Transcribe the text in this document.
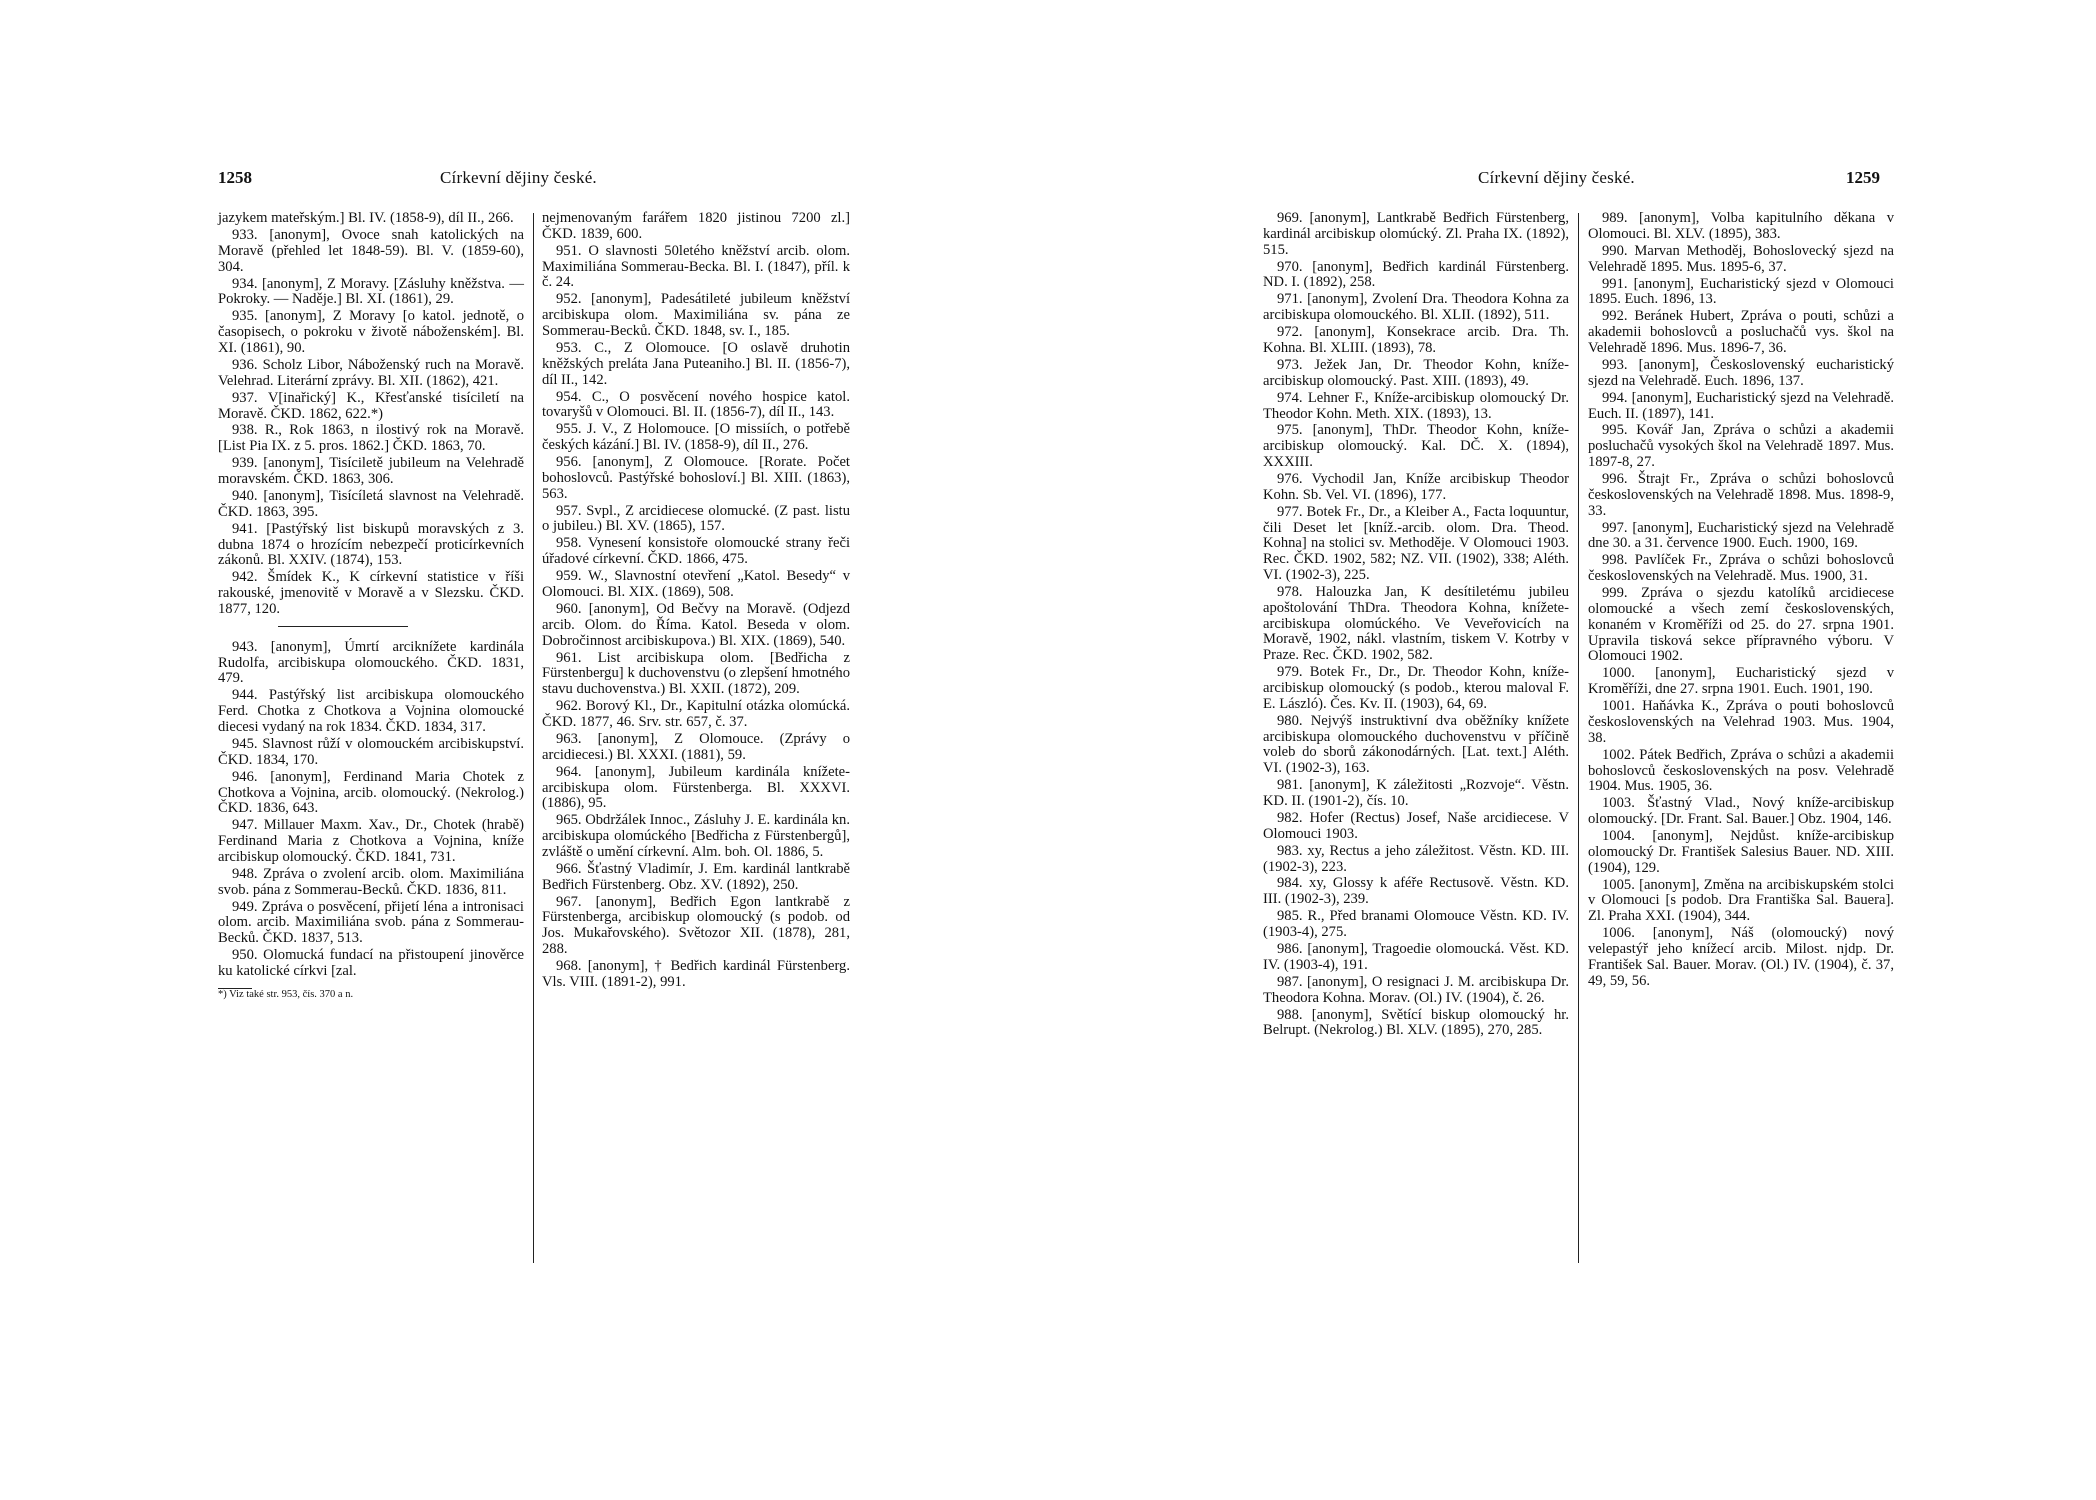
1258	Církevní dějiny české.

jazykem mateřským.] Bl. IV. (1858-9), díl II., 266.

933. [anonym], Ovoce snah katolických na Moravě (přehled let 1848-59). Bl. V. (1859-60), 304.

934. [anonym], Z Moravy. [Zásluhy kněžstva. — Pokroky. — Naděje.] Bl. XI. (1861), 29.

935. [anonym], Z Moravy [o katol. jednotě, o časopisech, o pokroku v životě náboženském]. Bl. XI. (1861), 90.

936. Scholz Libor, Náboženský ruch na Moravě. Velehrad. Literární zprávy. Bl. XII. (1862), 421.

937. V[inařický] K., Křesťanské tisíciletí na Moravě. ČKD. 1862, 622.*)

938. R., Rok 1863, n ilostivý rok na Moravě. [List Pia IX. z 5. pros. 1862.] ČKD. 1863, 70.

939. [anonym], Tisíciletě jubileum na Velehradě moravském. ČKD. 1863, 306.

940. [anonym], Tisícíletá slavnost na Velehradě. ČKD. 1863, 395.

941. [Pastýřský list biskupů moravských z 3. dubna 1874 o hrozícím nebezpečí proticírkevních zákonů. Bl. XXIV. (1874), 153.

942. Šmídek K., K církevní statistice v říši rakouské, jmenovitě v Moravě a v Slezsku. ČKD. 1877, 120.

943. [anonym], Úmrtí arciknížete kardinála Rudolfa, arcibiskupa olomouckého. ČKD. 1831, 479.

944. Pastýřský list arcibiskupa olomouckého Ferd. Chotka z Chotkova a Vojnina olomoucké diecesi vydaný na rok 1834. ČKD. 1834, 317.

945. Slavnost růží v olomouckém arcibiskupství. ČKD. 1834, 170.

946. [anonym], Ferdinand Maria Chotek z Chotkova a Vojnina, arcib. olomoucký. (Nekrolog.) ČKD. 1836, 643.

947. Millauer Maxm. Xav., Dr., Chotek (hrabě) Ferdinand Maria z Chotkova a Vojnina, kníže arcibiskup olomoucký. ČKD. 1841, 731.

948. Zpráva o zvolení arcib. olom. Maximiliána svob. pána z Sommerau-Becků. ČKD. 1836, 811.

949. Zpráva o posvěcení, přijetí léna a intronisaci olom. arcib. Maximiliána svob. pána z Sommerau-Becků. ČKD. 1837, 513.

950. Olomucká fundací na přistoupení jinověrce ku katolické církvi [zal.

*) Viz také str. 953, čís. 370 a n.

nejmenovaným farářem 1820 jistinou 7200 zl.] ČKD. 1839, 600.

951. O slavnosti 50letého kněžství arcib. olom. Maximiliána Sommerau-Becka. Bl. I. (1847), příl. k č. 24.

952. [anonym], Padesátileté jubileum kněžství arcibiskupa olom. Maximiliána sv. pána ze Sommerau-Becků. ČKD. 1848, sv. I., 185.

953. C., Z Olomouce. [O oslavě druhotin kněžských preláta Jana Puteaniho.] Bl. II. (1856-7), díl II., 142.

954. C., O posvěcení nového hospice katol. tovaryšů v Olomouci. Bl. II. (1856-7), díl II., 143.

955. J. V., Z Holomouce. [O missiích, o potřebě českých kázání.] Bl. IV. (1858-9), díl II., 276.

956. [anonym], Z Olomouce. [Rorate. Počet bohoslovců. Pastýřské bohosloví.] Bl. XIII. (1863), 563.

957. Svpl., Z arcidiecese olomucké. (Z past. listu o jubileu.) Bl. XV. (1865), 157.

958. Vynesení konsistoře olomoucké strany řeči úřadové církevní. ČKD. 1866, 475.

959. W., Slavnostní otevření „Katol. Besedy“ v Olomouci. Bl. XIX. (1869), 508.

960. [anonym], Od Bečvy na Moravě. (Odjezd arcib. Olom. do Říma. Katol. Beseda v olom. Dobročinnost arcibiskupova.) Bl. XIX. (1869), 540.

961. List arcibiskupa olom. [Bedřicha z Fürstenbergu] k duchovenstvu (o zlepšení hmotného stavu duchovenstva.) Bl. XXII. (1872), 209.

962. Borový Kl., Dr., Kapitulní otázka olomúcká. ČKD. 1877, 46. Srv. str. 657, č. 37.

963. [anonym], Z Olomouce. (Zprávy o arcidiecesi.) Bl. XXXI. (1881), 59.

964. [anonym], Jubileum kardinála knížete-arcibiskupa olom. Fürstenberga. Bl. XXXVI. (1886), 95.

965. Obdržálek Innoc., Zásluhy J. E. kardinála kn. arcibiskupa olomúckého [Bedřicha z Fürstenbergů], zvláště o umění církevní. Alm. boh. Ol. 1886, 5.

966. Šťastný Vladimír, J. Em. kardinál lantkrabě Bedřich Fürstenberg. Obz. XV. (1892), 250.

967. [anonym], Bedřich Egon lantkrabě z Fürstenberga, arcibiskup olomoucký (s podob. od Jos. Mukařovského). Světozor XII. (1878), 281, 288.

968. [anonym], † Bedřich kardinál Fürstenberg. Vls. VIII. (1891-2), 991.

Církevní dějiny české.	1259

969. [anonym], Lantkrabě Bedřich Fürstenberg, kardinál arcibiskup olomúcký. Zl. Praha IX. (1892), 515.

970. [anonym], Bedřich kardinál Fürstenberg. ND. I. (1892), 258.

971. [anonym], Zvolení Dra. Theodora Kohna za arcibiskupa olomouckého. Bl. XLII. (1892), 511.

972. [anonym], Konsekrace arcib. Dra. Th. Kohna. Bl. XLIII. (1893), 78.

973. Ježek Jan, Dr. Theodor Kohn, kníže-arcibiskup olomoucký. Past. XIII. (1893), 49.

974. Lehner F., Kníže-arcibiskup olomoucký Dr. Theodor Kohn. Meth. XIX. (1893), 13.

975. [anonym], ThDr. Theodor Kohn, kníže-arcibiskup olomoucký. Kal. DČ. X. (1894), XXXIII.

976. Vychodil Jan, Kníže arcibiskup Theodor Kohn. Sb. Vel. VI. (1896), 177.

977. Botek Fr., Dr., a Kleiber A., Facta loquuntur, čili Deset let [kníž.-arcib. olom. Dra. Theod. Kohna] na stolici sv. Methoděje. V Olomouci 1903. Rec. ČKD. 1902, 582; NZ. VII. (1902), 338; Aléth. VI. (1902-3), 225.

978. Halouzka Jan, K desítiletému jubileu apoštolování ThDra. Theodora Kohna, knížete-arcibiskupa olomúckého. Ve Veveřovicích na Moravě, 1902, nákl. vlastním, tiskem V. Kotrby v Praze. Rec. ČKD. 1902, 582.

979. Botek Fr., Dr., Dr. Theodor Kohn, kníže-arcibiskup olomoucký (s podob., kterou maloval F. E. László). Čes. Kv. II. (1903), 64, 69.

980. Nejvýš instruktivní dva oběžníky knížete arcibiskupa olomouckého duchovenstvu v příčině voleb do sborů zákonodárných. [Lat. text.] Aléth. VI. (1902-3), 163.

981. [anonym], K záležitosti „Rozvoje“. Věstn. KD. II. (1901-2), čís. 10.

982. Hofer (Rectus) Josef, Naše arcidiecese. V Olomouci 1903.

983. xy, Rectus a jeho záležitost. Věstn. KD. III. (1902-3), 223.

984. xy, Glossy k aféře Rectusově. Věstn. KD. III. (1902-3), 239.

985. R., Před branami Olomouce Věstn. KD. IV. (1903-4), 275.

986. [anonym], Tragoedie olomoucká. Věst. KD. IV. (1903-4), 191.

987. [anonym], O resignaci J. M. arcibiskupa Dr. Theodora Kohna. Morav. (Ol.) IV. (1904), č. 26.

988. [anonym], Světící biskup olomoucký hr. Belrupt. (Nekrolog.) Bl. XLV. (1895), 270, 285.

989. [anonym], Volba kapitulního děkana v Olomouci. Bl. XLV. (1895), 383.

990. Marvan Methoděj, Bohoslovecký sjezd na Velehradě 1895. Mus. 1895-6, 37.

991. [anonym], Eucharistický sjezd v Olomouci 1895. Euch. 1896, 13.

992. Beránek Hubert, Zpráva o pouti, schůzi a akademii bohoslovců a posluchačů vys. škol na Velehradě 1896. Mus. 1896-7, 36.

993. [anonym], Československý eucharistický sjezd na Velehradě. Euch. 1896, 137.

994. [anonym], Eucharistický sjezd na Velehradě. Euch. II. (1897), 141.

995. Kovář Jan, Zpráva o schůzi a akademii posluchačů vysokých škol na Velehradě 1897. Mus. 1897-8, 27.

996. Štrajt Fr., Zpráva o schůzi bohoslovců československých na Velehradě 1898. Mus. 1898-9, 33.

997. [anonym], Eucharistický sjezd na Velehradě dne 30. a 31. července 1900. Euch. 1900, 169.

998. Pavlíček Fr., Zpráva o schůzi bohoslovců československých na Velehradě. Mus. 1900, 31.

999. Zpráva o sjezdu katolíků arcidiecese olomoucké a všech zemí československých, konaném v Kroměříži od 25. do 27. srpna 1901. Upravila tisková sekce přípravného výboru. V Olomouci 1902.

1000. [anonym], Eucharistický sjezd v Kroměříži, dne 27. srpna 1901. Euch. 1901, 190.

1001. Haňávka K., Zpráva o pouti bohoslovců československých na Velehrad 1903. Mus. 1904, 38.

1002. Pátek Bedřich, Zpráva o schůzi a akademii bohoslovců československých na posv. Velehradě 1904. Mus. 1905, 36.

1003. Šťastný Vlad., Nový kníže-arcibiskup olomoucký. [Dr. Frant. Sal. Bauer.] Obz. 1904, 146.

1004. [anonym], Nejdůst. kníže-arcibiskup olomoucký Dr. František Salesius Bauer. ND. XIII. (1904), 129.

1005. [anonym], Změna na arcibiskupském stolci v Olomouci [s podob. Dra Františka Sal. Bauera]. Zl. Praha XXI. (1904), 344.

1006. [anonym], Náš (olomoucký) nový velepastýř jeho knížecí arcib. Milost. njdp. Dr. František Sal. Bauer. Morav. (Ol.) IV. (1904), č. 37, 49, 59, 56.
